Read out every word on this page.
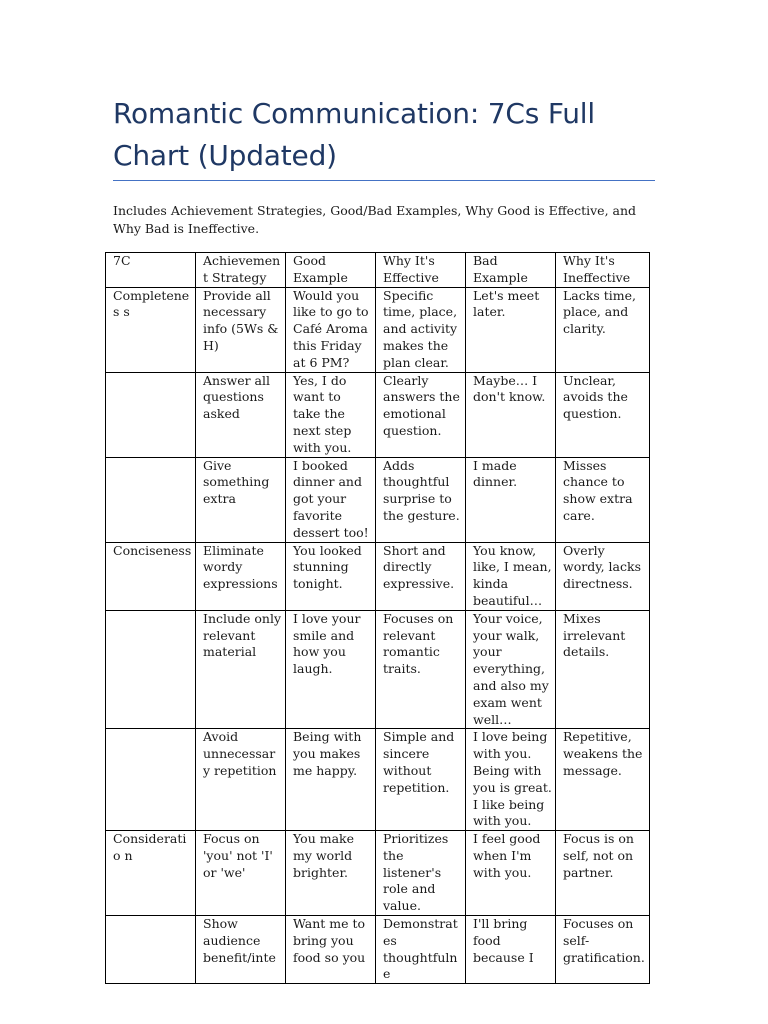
Romantic Communication: 7Cs Full Chart (Updated)

Includes Achievement Strategies, Good/Bad Examples, Why Good is Effective, and Why Bad is Ineffective.

7C	Achievemen t Strategy	Good Example	Why It's Effective	Bad Example	Why It's Ineffective
Completenes s	Provide all necessary info (5Ws & H)	Would you like to go to Café Aroma this Friday at 6 PM?	Specific time, place, and activity makes the plan clear.	Let's meet later.	Lacks time, place, and clarity.
	Answer all questions asked	Yes, I do want to take the next step with you.	Clearly answers the emotional question.	Maybe… I don't know.	Unclear, avoids the question.
	Give something extra	I booked dinner and got your favorite dessert too!	Adds thoughtful surprise to the gesture.	I made dinner.	Misses chance to show extra care.
Conciseness	Eliminate wordy expressions	You looked stunning tonight.	Short and directly expressive.	You know, like, I mean, kinda beautiful…	Overly wordy, lacks directness.
	Include only relevant material	I love your smile and how you laugh.	Focuses on relevant romantic traits.	Your voice, your walk, your everything, and also my exam went well…	Mixes irrelevant details.
	Avoid unnecessary repetition	Being with you makes me happy.	Simple and sincere without repetition.	I love being with you. Being with you is great. I like being with you.	Repetitive, weakens the message.
Consideratio n	Focus on 'you' not 'I' or 'we'	You make my world brighter.	Prioritizes the listener's role and value.	I feel good when I'm with you.	Focus is on self, not on partner.
	Show audience benefit/inte	Want me to bring you food so you	Demonstrat es thoughtfulne	I'll bring food because I	Focuses on self-gratification.
